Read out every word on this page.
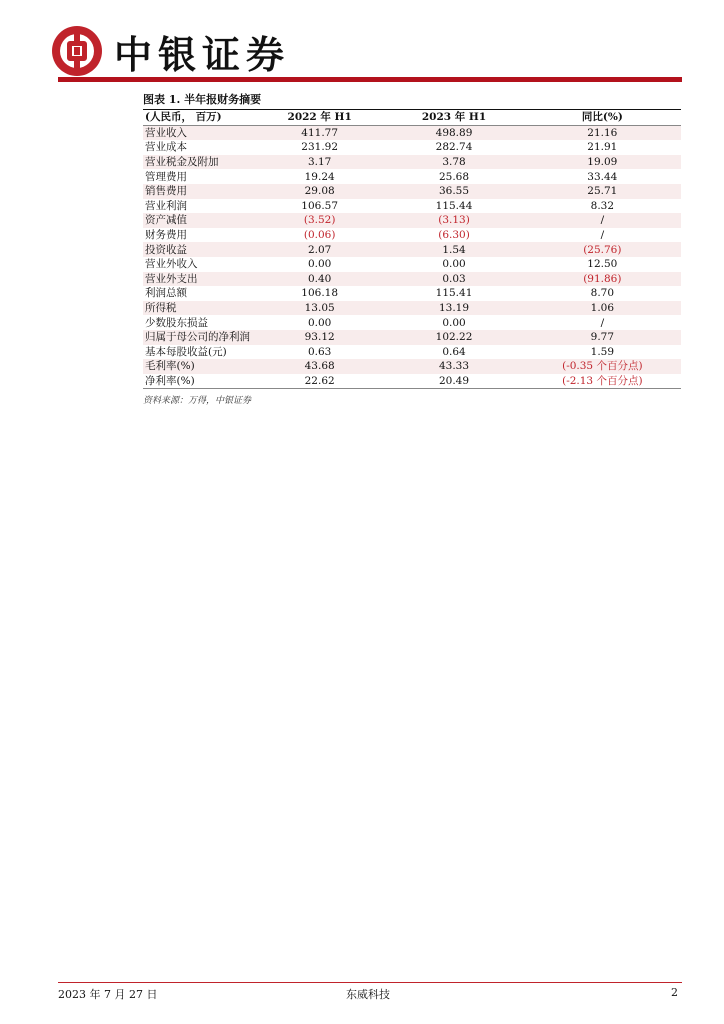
中银证券
图表 1. 半年报财务摘要
(人民币， 百万)	2022 年 H1	2023 年 H1	同比(%)
营业收入	411.77	498.89	21.16
营业成本	231.92	282.74	21.91
营业税金及附加	3.17	3.78	19.09
管理费用	19.24	25.68	33.44
销售费用	29.08	36.55	25.71
营业利润	106.57	115.44	8.32
资产减值	(3.52)	(3.13)	/
财务费用	(0.06)	(6.30)	/
投资收益	2.07	1.54	(25.76)
营业外收入	0.00	0.00	12.50
营业外支出	0.40	0.03	(91.86)
利润总额	106.18	115.41	8.70
所得税	13.05	13.19	1.06
少数股东损益	0.00	0.00	/
归属于母公司的净利润	93.12	102.22	9.77
基本每股收益(元)	0.63	0.64	1.59
毛利率(%)	43.68	43.33	(-0.35 个百分点)
净利率(%)	22.62	20.49	(-2.13 个百分点)
资料来源：万得，中银证券
2023 年 7 月 27 日	东威科技	2
